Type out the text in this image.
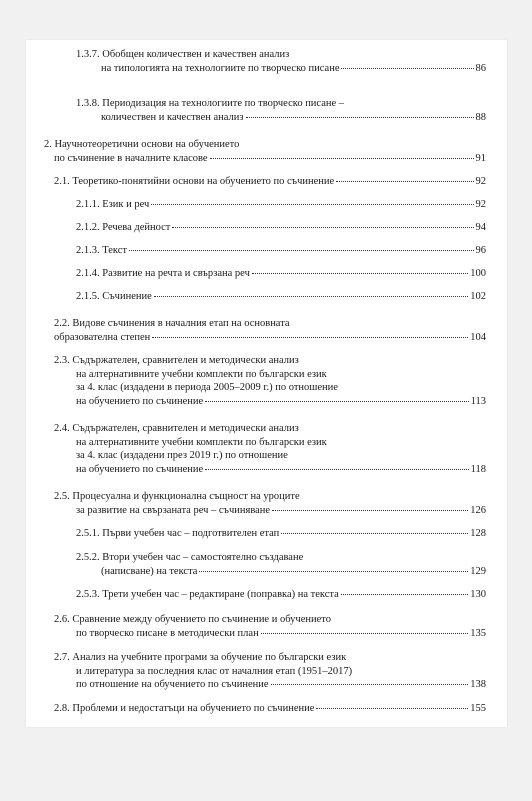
1.3.7. Обобщен количествен и качествен анализ
на типологията на технологиите по творческо писане	86
1.3.8. Периодизация на технологиите по творческо писане –
количествен и качествен анализ	88
2. Научнотеоретични основи на обучението
по съчинение в началните класове	91
2.1. Теоретико-понятийни основи на обучението по съчинение	92
2.1.1. Език и реч	92
2.1.2. Речева дейност	94
2.1.3. Текст	96
2.1.4. Развитие на речта и свързана реч	100
2.1.5. Съчинение	102
2.2. Видове съчинения в началния етап на основната
образователна степен	104
2.3. Съдържателен, сравнителен и методически анализ
на алтернативните учебни комплекти по български език
за 4. клас (издадени в периода 2005–2009 г.) по отношение
на обучението по съчинение	113
2.4. Съдържателен, сравнителен и методически анализ
на алтернативните учебни комплекти по български език
за 4. клас (издадени през 2019 г.) по отношение
на обучението по съчинение	118
2.5. Процесуална и функционална същност на уроците
за развитие на свързаната реч – съчиняване	126
2.5.1. Първи учебен час – подготвителен етап	128
2.5.2. Втори учебен час – самостоятелно създаване
(написване) на текста	129
2.5.3. Трети учебен час – редактиране (поправка) на текста	130
2.6. Сравнение между обучението по съчинение и обучението
по творческо писане в методически план	135
2.7. Анализ на учебните програми за обучение по български език
и литература за последния клас от началния етап (1951–2017)
по отношение на обучението по съчинение	138
2.8. Проблеми и недостатъци на обучението по съчинение	155
